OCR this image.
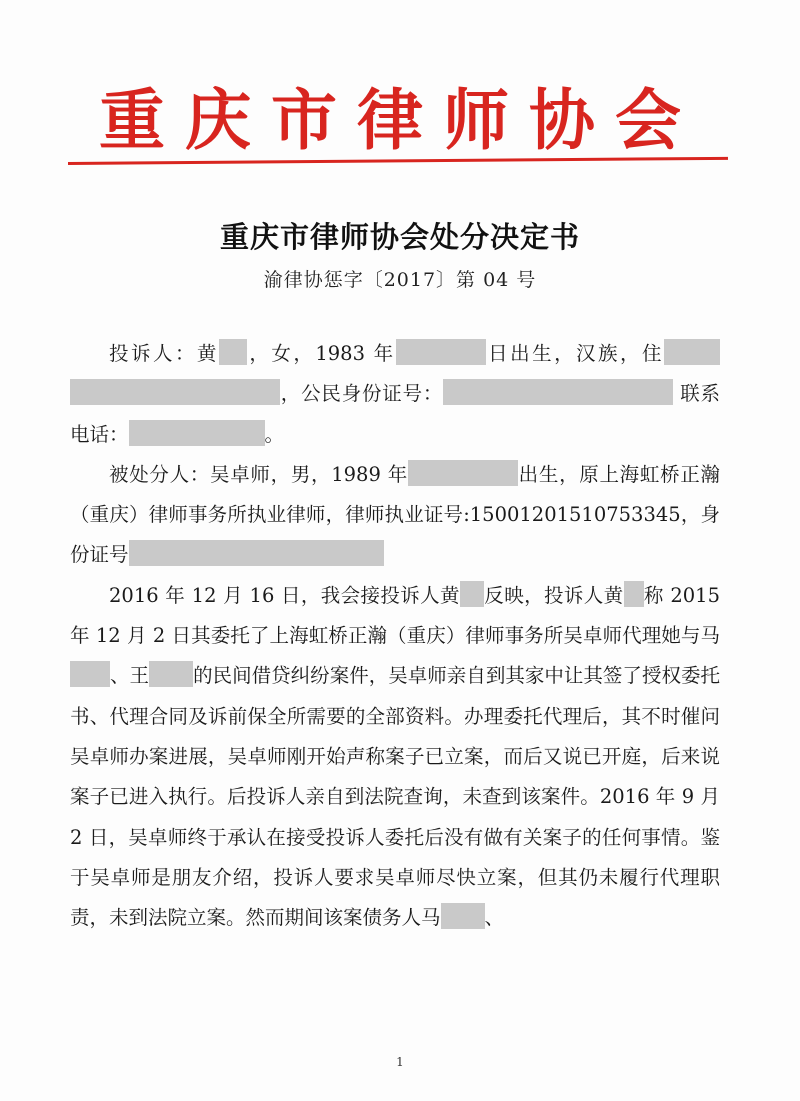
重庆市律师协会
重庆市律师协会处分决定书
渝律协惩字〔2017〕第 04 号

投诉人：黄 ，女，1983 年	日出生，汉族，住，公民身份证号：	联系电话：	。

被处分人：吴卓师，男，1989 年	出生，原上海虹桥正瀚（重庆）律师事务所执业律师，律师执业证号:15001201510753345，身份证号

2016 年 12 月 16 日，我会接投诉人黄 反映，投诉人黄 称 2015 年 12 月 2 日其委托了上海虹桥正瀚（重庆）律师事务所吴卓师代理她与马、王 的民间借贷纠纷案件，吴卓师亲自到其家中让其签了授权委托书、代理合同及诉前保全所需要的全部资料。办理委托代理后，其不时催问吴卓师办案进展，吴卓师刚开始声称案子已立案，而后又说已开庭，后来说案子已进入执行。后投诉人亲自到法院查询，未查到该案件。2016 年 9 月 2 日，吴卓师终于承认在接受投诉人委托后没有做有关案子的任何事情。鉴于吴卓师是朋友介绍，投诉人要求吴卓师尽快立案，但其仍未履行代理职责，未到法院立案。然而期间该案债务人马 、

1
